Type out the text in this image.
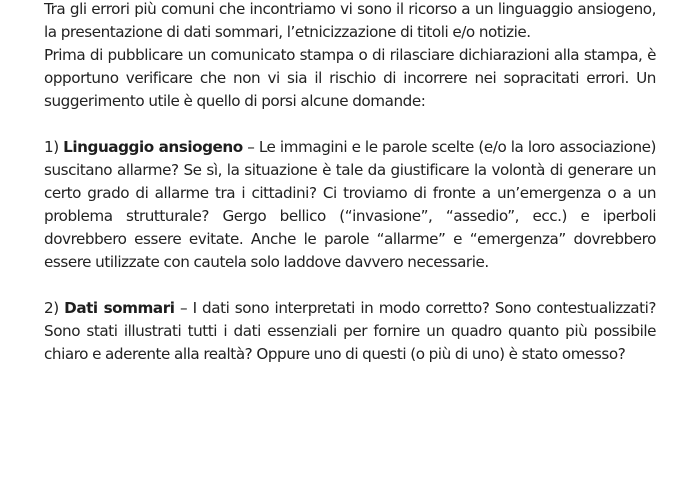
Tra gli errori più comuni che incontriamo vi sono il ricorso a un linguaggio ansiogeno, la presentazione di dati sommari, l’etnicizzazione di titoli e/o notizie.

Prima di pubblicare un comunicato stampa o di rilasciare dichiarazioni alla stampa, è opportuno verificare che non vi sia il rischio di incorrere nei sopracitati errori. Un suggerimento utile è quello di porsi alcune domande:

1) Linguaggio ansiogeno – Le immagini e le parole scelte (e/o la loro associazione) suscitano allarme? Se sì, la situazione è tale da giustificare la volontà di generare un certo grado di allarme tra i cittadini? Ci troviamo di fronte a un’emergenza o a un problema strutturale? Gergo bellico (“invasione”, “assedio”, ecc.) e iperboli dovrebbero essere evitate. Anche le parole “allarme” e “emergenza” dovrebbero essere utilizzate con cautela solo laddove davvero necessarie.

2) Dati sommari – I dati sono interpretati in modo corretto? Sono contestualizzati? Sono stati illustrati tutti i dati essenziali per fornire un quadro quanto più possibile chiaro e aderente alla realtà? Oppure uno di questi (o più di uno) è stato omesso?
